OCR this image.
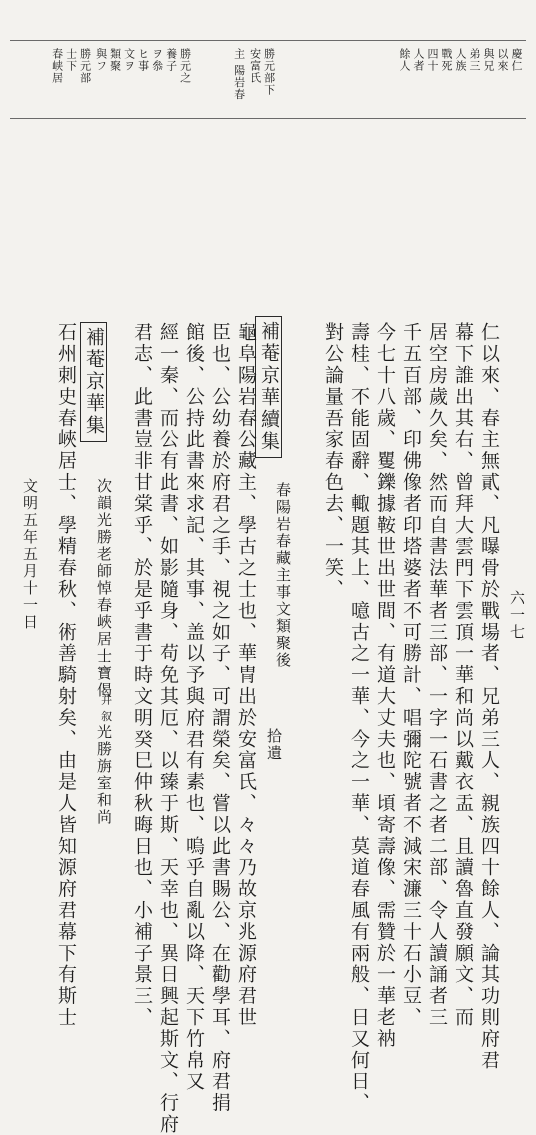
慶仁
以來
與兄
弟三
人族
戰死
四十
人者
餘人
勝元部下
安富氏
主 陽岩春
勝元之
養子
ヲ叅
ヒ事
文ヲ
類聚
與フ
勝元部
士下
春峡居
仁以來、春主無貳、凡曝骨於戰場者、兄弟三人、親族四十餘人、論其功則府君
幕下誰出其右、曾拜大雲門下雲頂一華和尚以戴衣盂、且讀魯直發願文、而
居空房歲久矣、然而自書法華者三部、一字一石書之者二部、令人讀誦者三
千五百部、印佛像者印塔婆者不可勝計、唱彌陀號者不減宋濂三十石小豆、
今七十八歲、矍鑠據鞍世出世間、有道大丈夫也、頃寄壽像、需贊於一華老衲
壽桂、不能固辭、輙題其上、噫古之一華、今之一華、莫道春風有兩般、日又何日、
對公論量吾家春色去、一笑、
補菴京華續集
春陽岩春藏主事文類聚後
拾遺
龜阜陽岩春公藏主、學古之士也、華冑出於安富氏、々々乃故京兆源府君世
臣也、公幼養於府君之手、視之如子、可謂榮矣、嘗以此書賜公、在勸學耳、府君捐
館後、公持此書來求記、其事、盖以予與府君有素也、嗚乎自亂以降、天下竹帛又
經一秦、而公有此書、如影隨身、苟免其厄、以臻于斯、天幸也、異日興起斯文、行府
君志、此書豈非甘棠乎、於是乎書于時文明癸巳仲秋晦日也、小補子景三、
補菴京華集
次韻光勝老師悼春峽居士寶偈
并 叙
光勝旃室和尚
石州刺史春峽居士、學精春秋、術善騎射矣、由是人皆知源府君幕下有斯士
文明五年五月十一日	六一七
